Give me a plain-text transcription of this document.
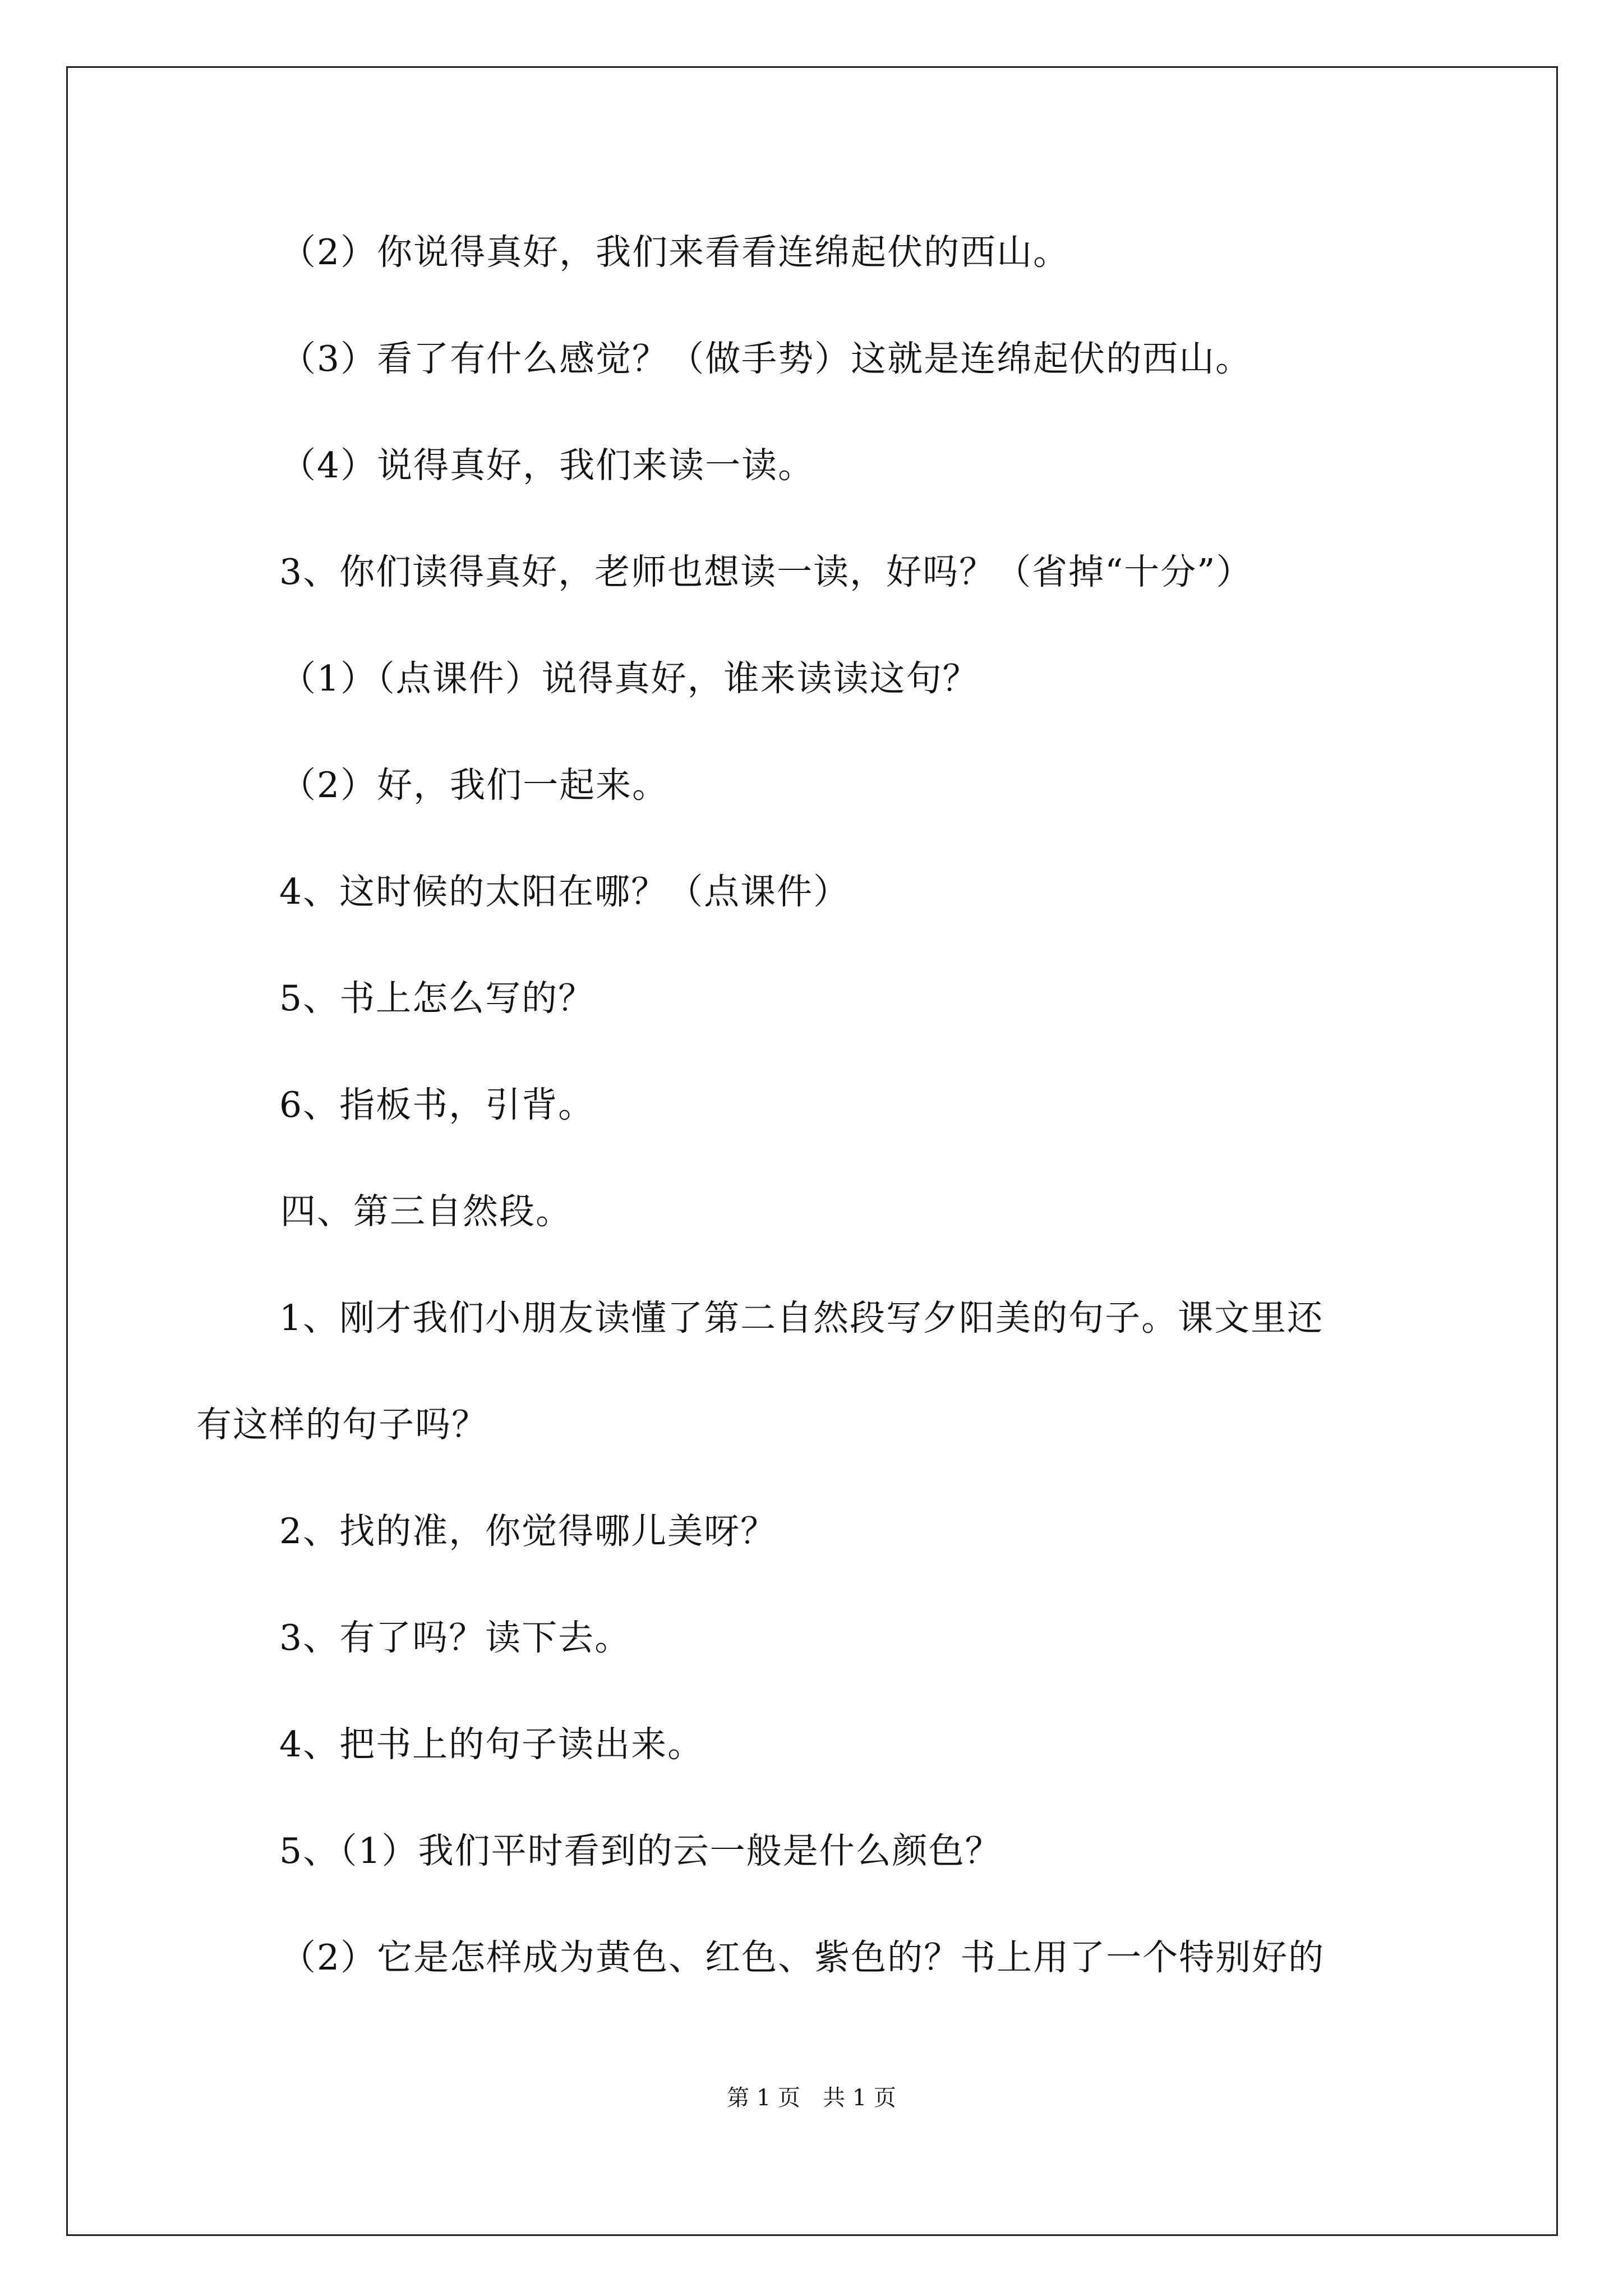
（2）你说得真好，我们来看看连绵起伏的西山。
（3）看了有什么感觉？（做手势）这就是连绵起伏的西山。
（4）说得真好，我们来读一读。
3、你们读得真好，老师也想读一读，好吗？（省掉“十分”）
（1）（点课件）说得真好，谁来读读这句？
（2）好，我们一起来。
4、这时候的太阳在哪？（点课件）
5、书上怎么写的？
6、指板书，引背。
四、第三自然段。
1、刚才我们小朋友读懂了第二自然段写夕阳美的句子。课文里还
有这样的句子吗？
2、找的准，你觉得哪儿美呀？
3、有了吗？读下去。
4、把书上的句子读出来。
5、（1）我们平时看到的云一般是什么颜色？
（2）它是怎样成为黄色、红色、紫色的？书上用了一个特别好的
第 1 页　共 1 页
